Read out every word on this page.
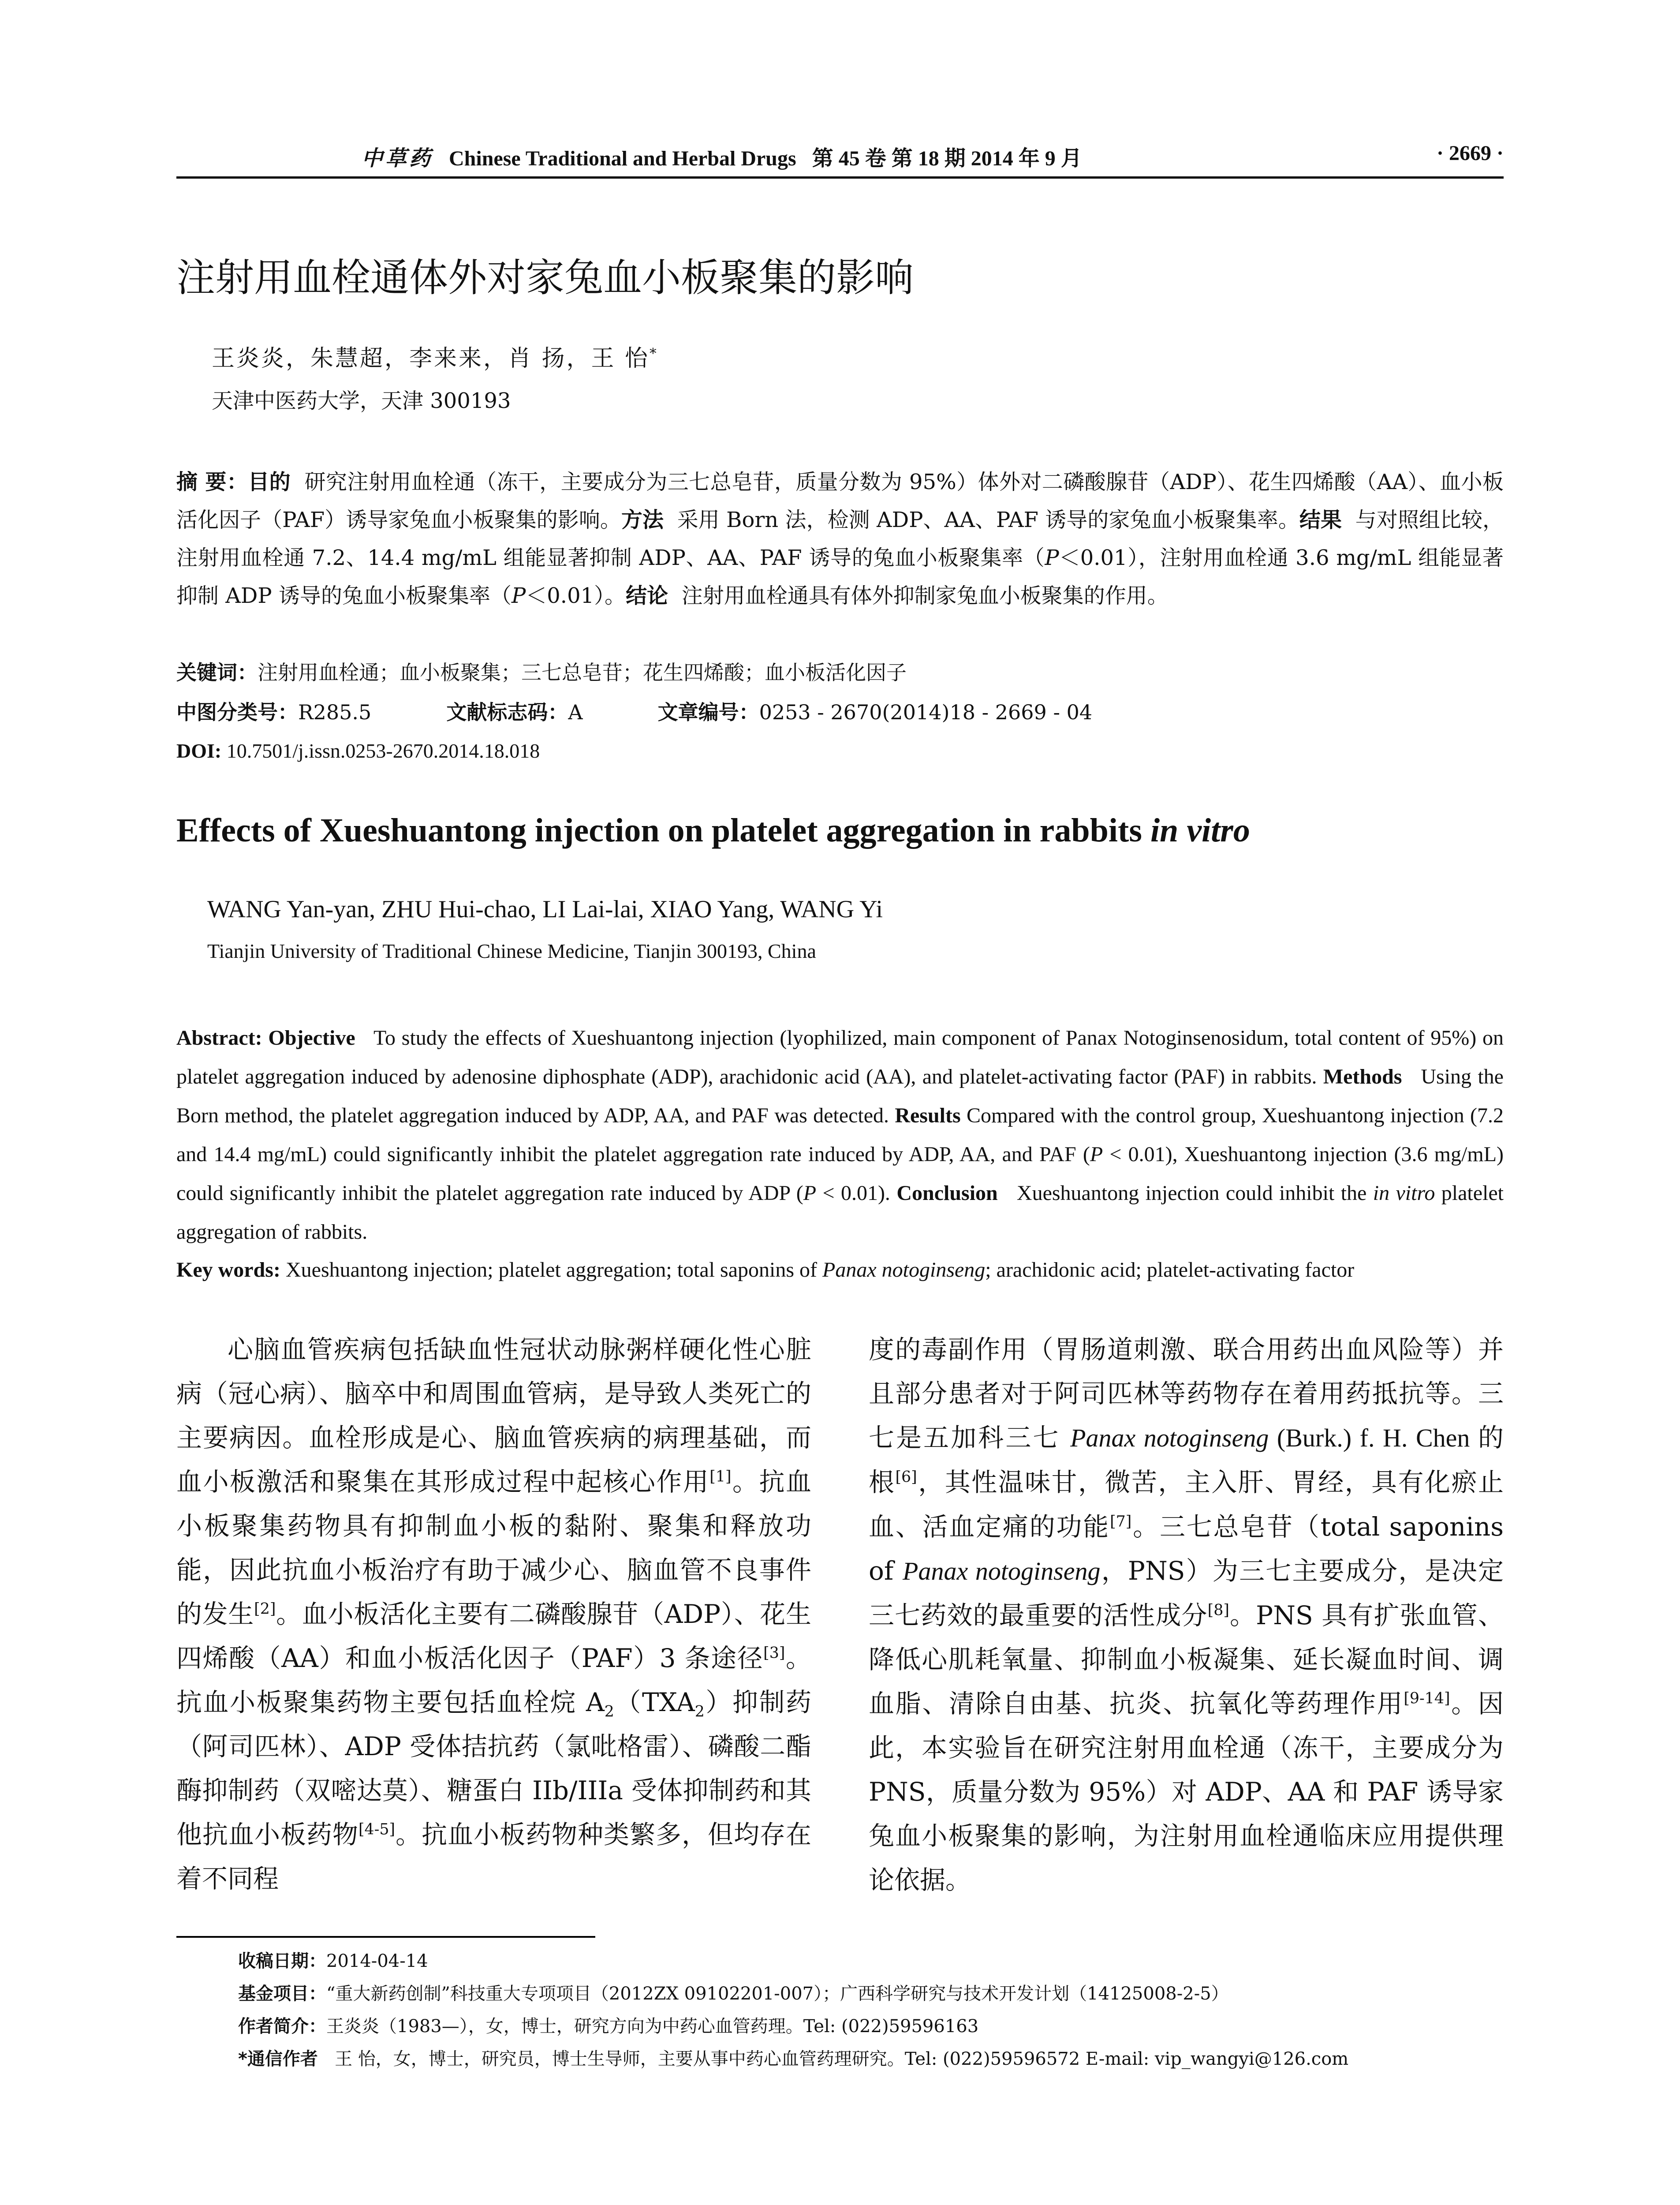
中草药 Chinese Traditional and Herbal Drugs 第 45 卷 第 18 期 2014 年 9 月	· 2669 ·
注射用血栓通体外对家兔血小板聚集的影响
王炎炎，朱慧超，李来来，肖 扬，王 怡*
天津中医药大学，天津 300193
摘 要：目的 研究注射用血栓通（冻干，主要成分为三七总皂苷，质量分数为 95%）体外对二磷酸腺苷（ADP）、花生四烯酸（AA）、血小板活化因子（PAF）诱导家兔血小板聚集的影响。方法 采用 Born 法，检测 ADP、AA、PAF 诱导的家兔血小板聚集率。结果 与对照组比较，注射用血栓通 7.2、14.4 mg/mL 组能显著抑制 ADP、AA、PAF 诱导的兔血小板聚集率（P＜0.01），注射用血栓通 3.6 mg/mL 组能显著抑制 ADP 诱导的兔血小板聚集率（P＜0.01）。结论 注射用血栓通具有体外抑制家兔血小板聚集的作用。
关键词：注射用血栓通；血小板聚集；三七总皂苷；花生四烯酸；血小板活化因子
中图分类号：R285.5	文献标志码：A	文章编号：0253 - 2670(2014)18 - 2669 - 04
DOI: 10.7501/j.issn.0253-2670.2014.18.018
Effects of Xueshuantong injection on platelet aggregation in rabbits in vitro
WANG Yan-yan, ZHU Hui-chao, LI Lai-lai, XIAO Yang, WANG Yi
Tianjin University of Traditional Chinese Medicine, Tianjin 300193, China
Abstract: Objective To study the effects of Xueshuantong injection (lyophilized, main component of Panax Notoginsenosidum, total content of 95%) on platelet aggregation induced by adenosine diphosphate (ADP), arachidonic acid (AA), and platelet-activating factor (PAF) in rabbits. Methods Using the Born method, the platelet aggregation induced by ADP, AA, and PAF was detected. Results Compared with the control group, Xueshuantong injection (7.2 and 14.4 mg/mL) could significantly inhibit the platelet aggregation rate induced by ADP, AA, and PAF (P < 0.01), Xueshuantong injection (3.6 mg/mL) could significantly inhibit the platelet aggregation rate induced by ADP (P < 0.01). Conclusion Xueshuantong injection could inhibit the in vitro platelet aggregation of rabbits.
Key words: Xueshuantong injection; platelet aggregation; total saponins of Panax notoginseng; arachidonic acid; platelet-activating factor

心脑血管疾病包括缺血性冠状动脉粥样硬化性心脏病（冠心病）、脑卒中和周围血管病，是导致人类死亡的主要病因。血栓形成是心、脑血管疾病的病理基础，而血小板激活和聚集在其形成过程中起核心作用[1]。抗血小板聚集药物具有抑制血小板的黏附、聚集和释放功能，因此抗血小板治疗有助于减少心、脑血管不良事件的发生[2]。血小板活化主要有二磷酸腺苷（ADP）、花生四烯酸（AA）和血小板活化因子（PAF）3 条途径[3]。抗血小板聚集药物主要包括血栓烷 $A_2(TXA_2)$抑制药（阿司匹林）、ADP 受体拮抗药（氯吡格雷）、磷酸二酯酶抑制药（双嘧达莫）、糖蛋白 IIb/IIIa 受体抑制药和其他抗血小板药物[4-5]。抗血小板药物种类繁多，但均存在着不同程

度的毒副作用（胃肠道刺激、联合用药出血风险等）并且部分患者对于阿司匹林等药物存在着用药抵抗等。三七是五加科三七 Panax notoginseng (Burk.) f. H. Chen 的根[6]，其性温味甘，微苦，主入肝、胃经，具有化瘀止血、活血定痛的功能[7]。三七总皂苷（total saponins of Panax notoginseng，PNS）为三七主要成分，是决定三七药效的最重要的活性成分[8]。PNS 具有扩张血管、降低心肌耗氧量、抑制血小板凝集、延长凝血时间、调血脂、清除自由基、抗炎、抗氧化等药理作用[9-14]。因此，本实验旨在研究注射用血栓通（冻干，主要成分为 PNS，质量分数为 95%）对 ADP、AA 和 PAF 诱导家兔血小板聚集的影响，为注射用血栓通临床应用提供理论依据。

收稿日期：2014-04-14
基金项目：“重大新药创制”科技重大专项项目（2012ZX 09102201-007）；广西科学研究与技术开发计划（14125008-2-5）
作者简介：王炎炎（1983—），女，博士，研究方向为中药心血管药理。Tel: (022)59596163
*通信作者 王 怡，女，博士，研究员，博士生导师，主要从事中药心血管药理研究。Tel: (022)59596572 E-mail: vip_wangyi@126.com
